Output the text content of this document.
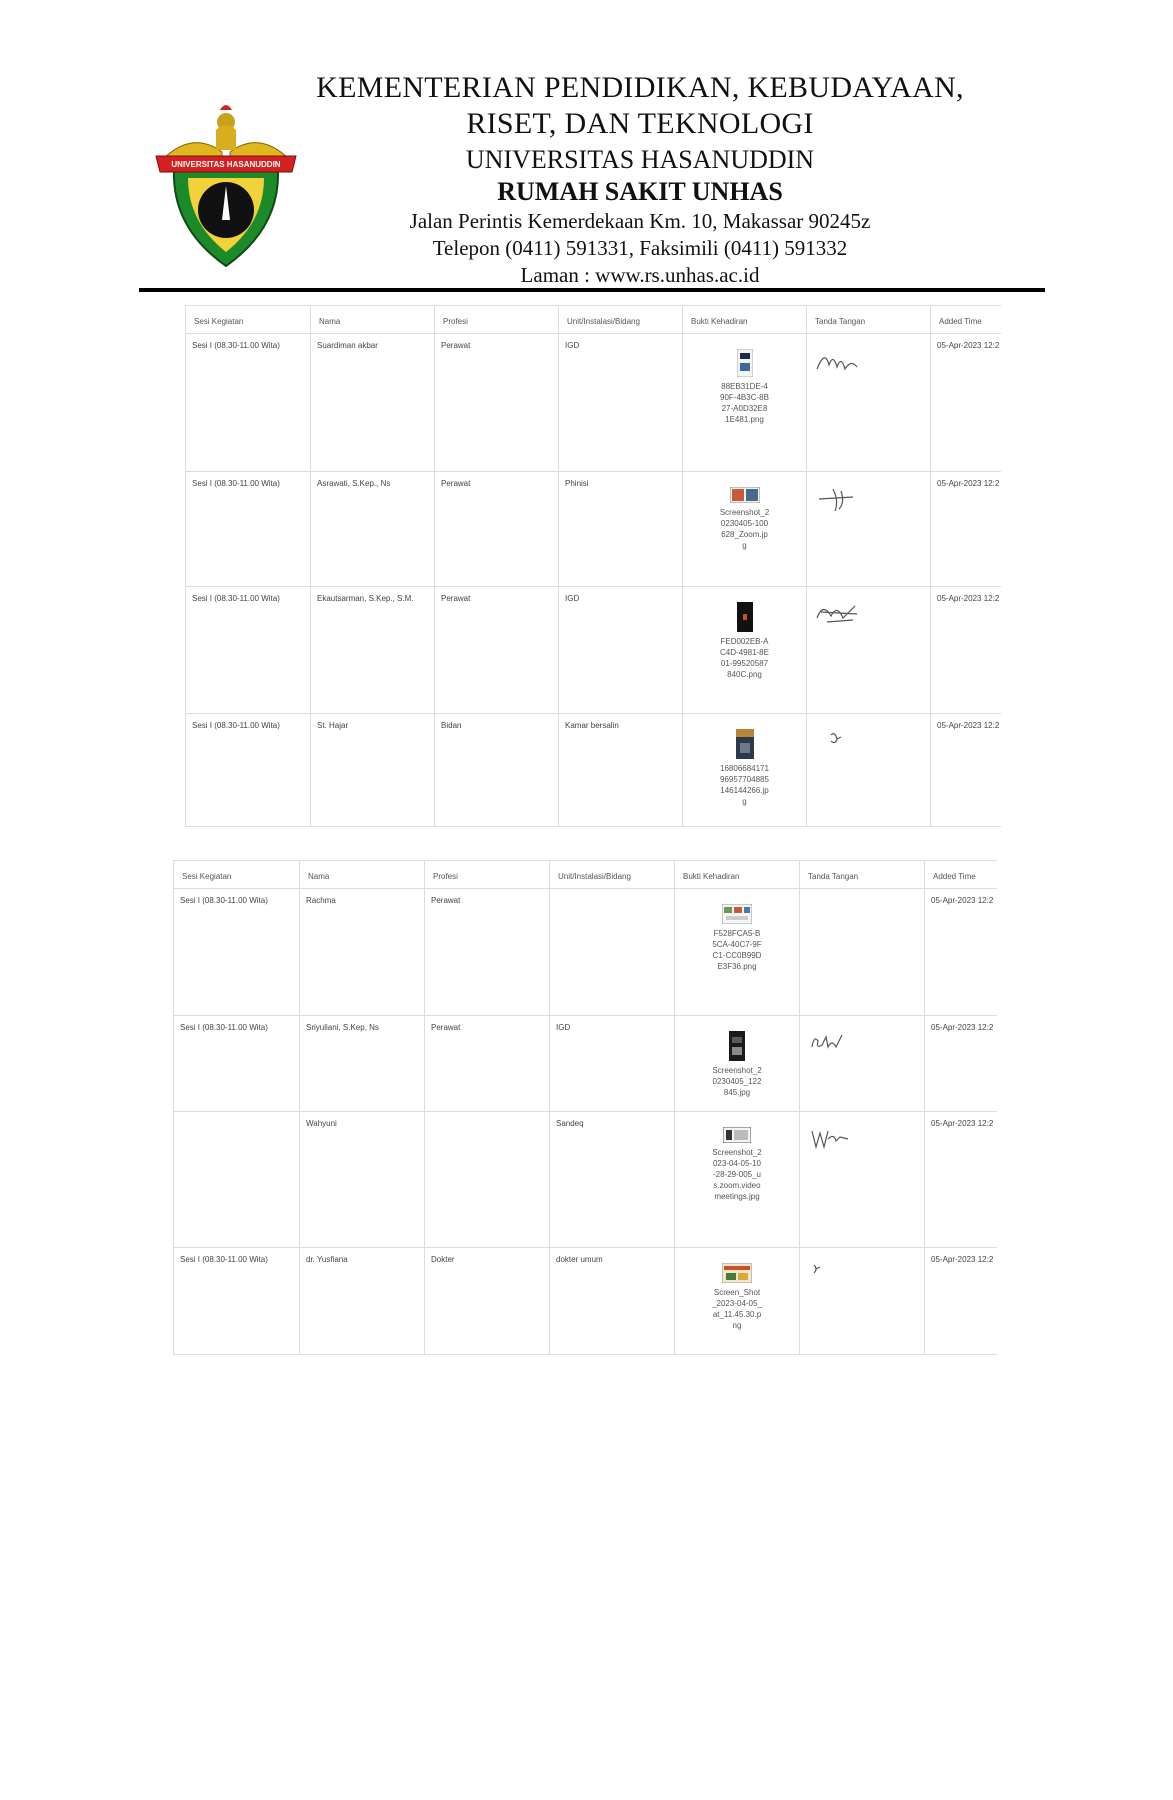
UNIVERSITAS HASANUDDIN
KEMENTERIAN PENDIDIKAN, KEBUDAYAAN,
RISET, DAN TEKNOLOGI
UNIVERSITAS HASANUDDIN
RUMAH SAKIT UNHAS
Jalan Perintis Kemerdekaan Km. 10, Makassar 90245z
Telepon (0411) 591331, Faksimili (0411) 591332
Laman : www.rs.unhas.ac.id
Sesi Kegiatan	Nama	Profesi	Unit/Instalasi/Bidang	Bukti Kehadiran	Tanda Tangan	Added Time
Sesi I (08.30-11.00 Wita)	Suardiman akbar	Perawat	IGD	88EB31DE-490F-4B3C-8B27-A0D32E81E481.png		05-Apr-2023 12:2
Sesi I (08.30-11.00 Wita)	Asrawati, S.Kep., Ns	Perawat	Phinisi	Screenshot_20230405-100628_Zoom.jpg		05-Apr-2023 12:2
Sesi I (08.30-11.00 Wita)	Ekautsarman, S.Kep., S.M.	Perawat	IGD	FED002EB-AC4D-4981-8E01-99520587840C.png		05-Apr-2023 12:2
Sesi I (08.30-11.00 Wita)	St. Hajar	Bidan	Kamar bersalin	1680668417196957704885146144266.jpg		05-Apr-2023 12:2
Sesi Kegiatan	Nama	Profesi	Unit/Instalasi/Bidang	Bukti Kehadiran	Tanda Tangan	Added Time
Sesi I (08.30-11.00 Wita)	Rachma	Perawat		F528FCA5-B5CA-40C7-9FC1-CC0B99DE3F36.png		05-Apr-2023 12:2
Sesi I (08.30-11.00 Wita)	Sriyuliani, S.Kep, Ns	Perawat	IGD	Screenshot_20230405_122845.jpg		05-Apr-2023 12:2
	Wahyuni		Sandeq	Screenshot_2023-04-05-10-28-29-005_us.zoom.videomeetings.jpg		05-Apr-2023 12:2
Sesi I (08.30-11.00 Wita)	dr. Yusfiana	Dokter	dokter umum	Screen_Shot_2023-04-05_at_11.45.30.png		05-Apr-2023 12:2
